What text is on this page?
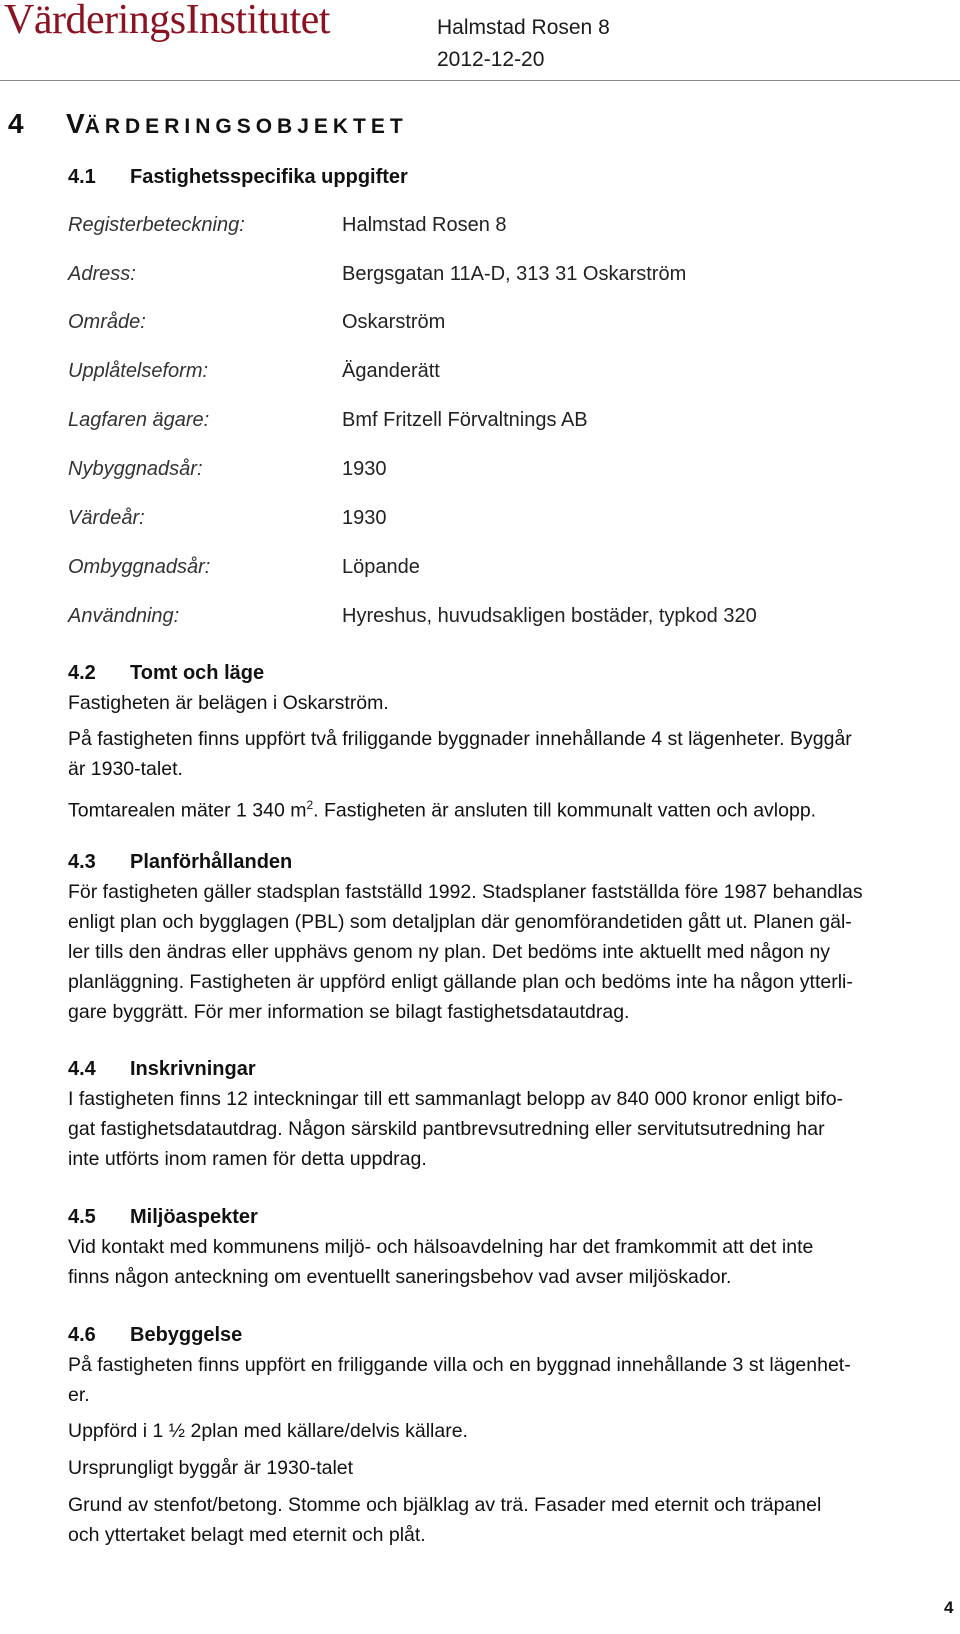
VärderingsInstitutet	Halmstad Rosen 8
2012-12-20
4 VÄRDERINGSOBJEKTET
4.1 Fastighetsspecifika uppgifter
Registerbeteckning:	Halmstad Rosen 8
Adress:	Bergsgatan 11A-D, 313 31 Oskarström
Område:	Oskarström
Upplåtelseform:	Äganderätt
Lagfaren ägare:	Bmf Fritzell Förvaltnings AB
Nybyggnadsår:	1930
Värdeår:	1930
Ombyggnadsår:	Löpande
Användning:	Hyreshus, huvudsakligen bostäder, typkod 320
4.2 Tomt och läge
Fastigheten är belägen i Oskarström.
På fastigheten finns uppfört två friliggande byggnader innehållande 4 st lägenheter. Byggår
är 1930-talet.
Tomtarealen mäter 1 340 $m^2$. Fastigheten är ansluten till kommunalt vatten och avlopp.
4.3 Planförhållanden
För fastigheten gäller stadsplan fastställd 1992. Stadsplaner fastställda före 1987 behandlas
enligt plan och bygglagen (PBL) som detaljplan där genomförandetiden gått ut. Planen gäl-
ler tills den ändras eller upphävs genom ny plan. Det bedöms inte aktuellt med någon ny
planläggning. Fastigheten är uppförd enligt gällande plan och bedöms inte ha någon ytterli-
gare byggrätt. För mer information se bilagt fastighetsdatautdrag.
4.4 Inskrivningar
I fastigheten finns 12 inteckningar till ett sammanlagt belopp av 840 000 kronor enligt bifo-
gat fastighetsdatautdrag. Någon särskild pantbrevsutredning eller servitutsutredning har
inte utförts inom ramen för detta uppdrag.
4.5 Miljöaspekter
Vid kontakt med kommunens miljö- och hälsoavdelning har det framkommit att det inte
finns någon anteckning om eventuellt saneringsbehov vad avser miljöskador.
4.6 Bebyggelse
På fastigheten finns uppfört en friliggande villa och en byggnad innehållande 3 st lägenhet-
er.
Uppförd i 1 ½ 2plan med källare/delvis källare.
Ursprungligt byggår är 1930-talet
Grund av stenfot/betong. Stomme och bjälklag av trä. Fasader med eternit och träpanel
och yttertaket belagt med eternit och plåt.
4
